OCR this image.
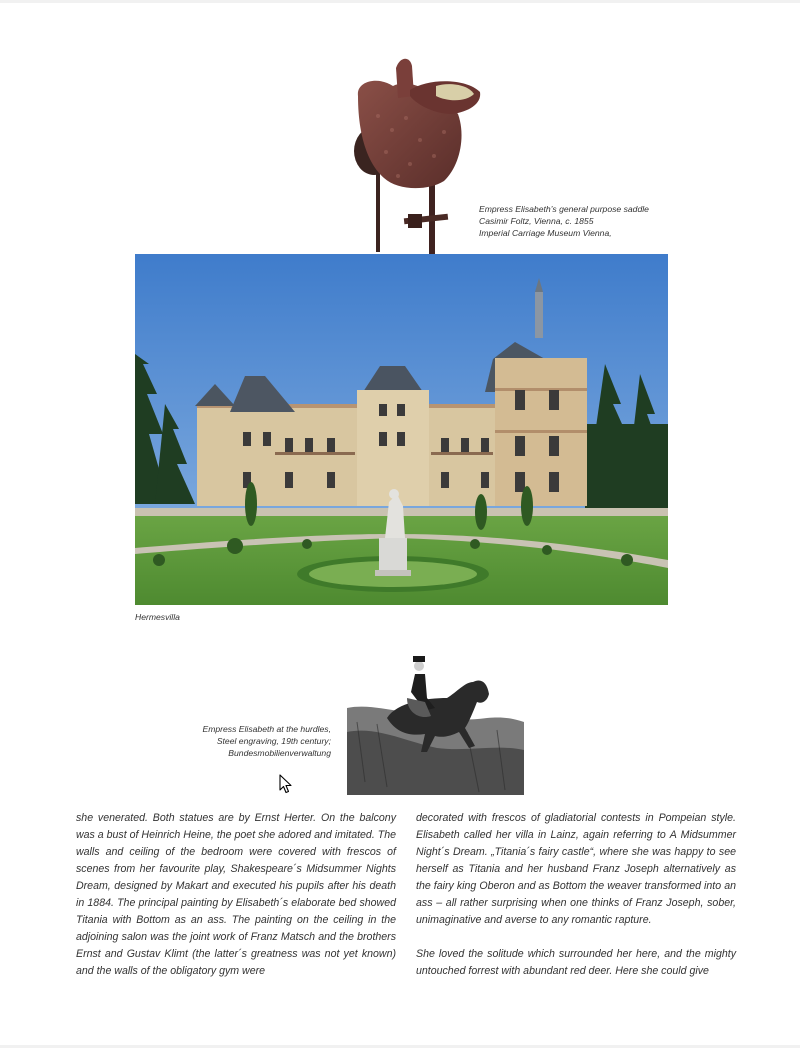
Empress Elisabeth’s general purpose saddle
Casimir Foltz, Vienna, c. 1855
Imperial Carriage Museum Vienna,
Hermesvilla
Empress Elisabeth at the hurdles,
Steel engraving, 19th century;
Bundesmobilienverwaltung

she venerated. Both statues are by Ernst Herter. On the balcony was a bust of Heinrich Heine, the poet she adored and imitated. The walls and ceiling of the bedroom were covered with frescos of scenes from her favourite play, Shakespeare´s Midsummer Nights Dream, designed by Makart and executed his pupils after his death in 1884. The principal painting by Elisabeth´s elaborate bed showed Titania with Bottom as an ass. The painting on the ceiling in the adjoining salon was the joint work of Franz Matsch and the brothers Ernst and Gustav Klimt (the latter´s greatness was not yet known) and the walls of the obligatory gym were

decorated with frescos of gladiatorial contests in Pompeian style. Elisabeth called her villa in Lainz, again referring to A Midsummer Night´s Dream. „Titania´s fairy castle“, where she was happy to see herself as Titania and her husband Franz Joseph alternatively as the fairy king Oberon and as Bottom the weaver transformed into an ass – all rather surprising when one thinks of Franz Joseph, sober, unimaginative and averse to any romantic rapture.

She loved the solitude which surrounded her here, and the mighty untouched forrest with abundant red deer. Here she could give
